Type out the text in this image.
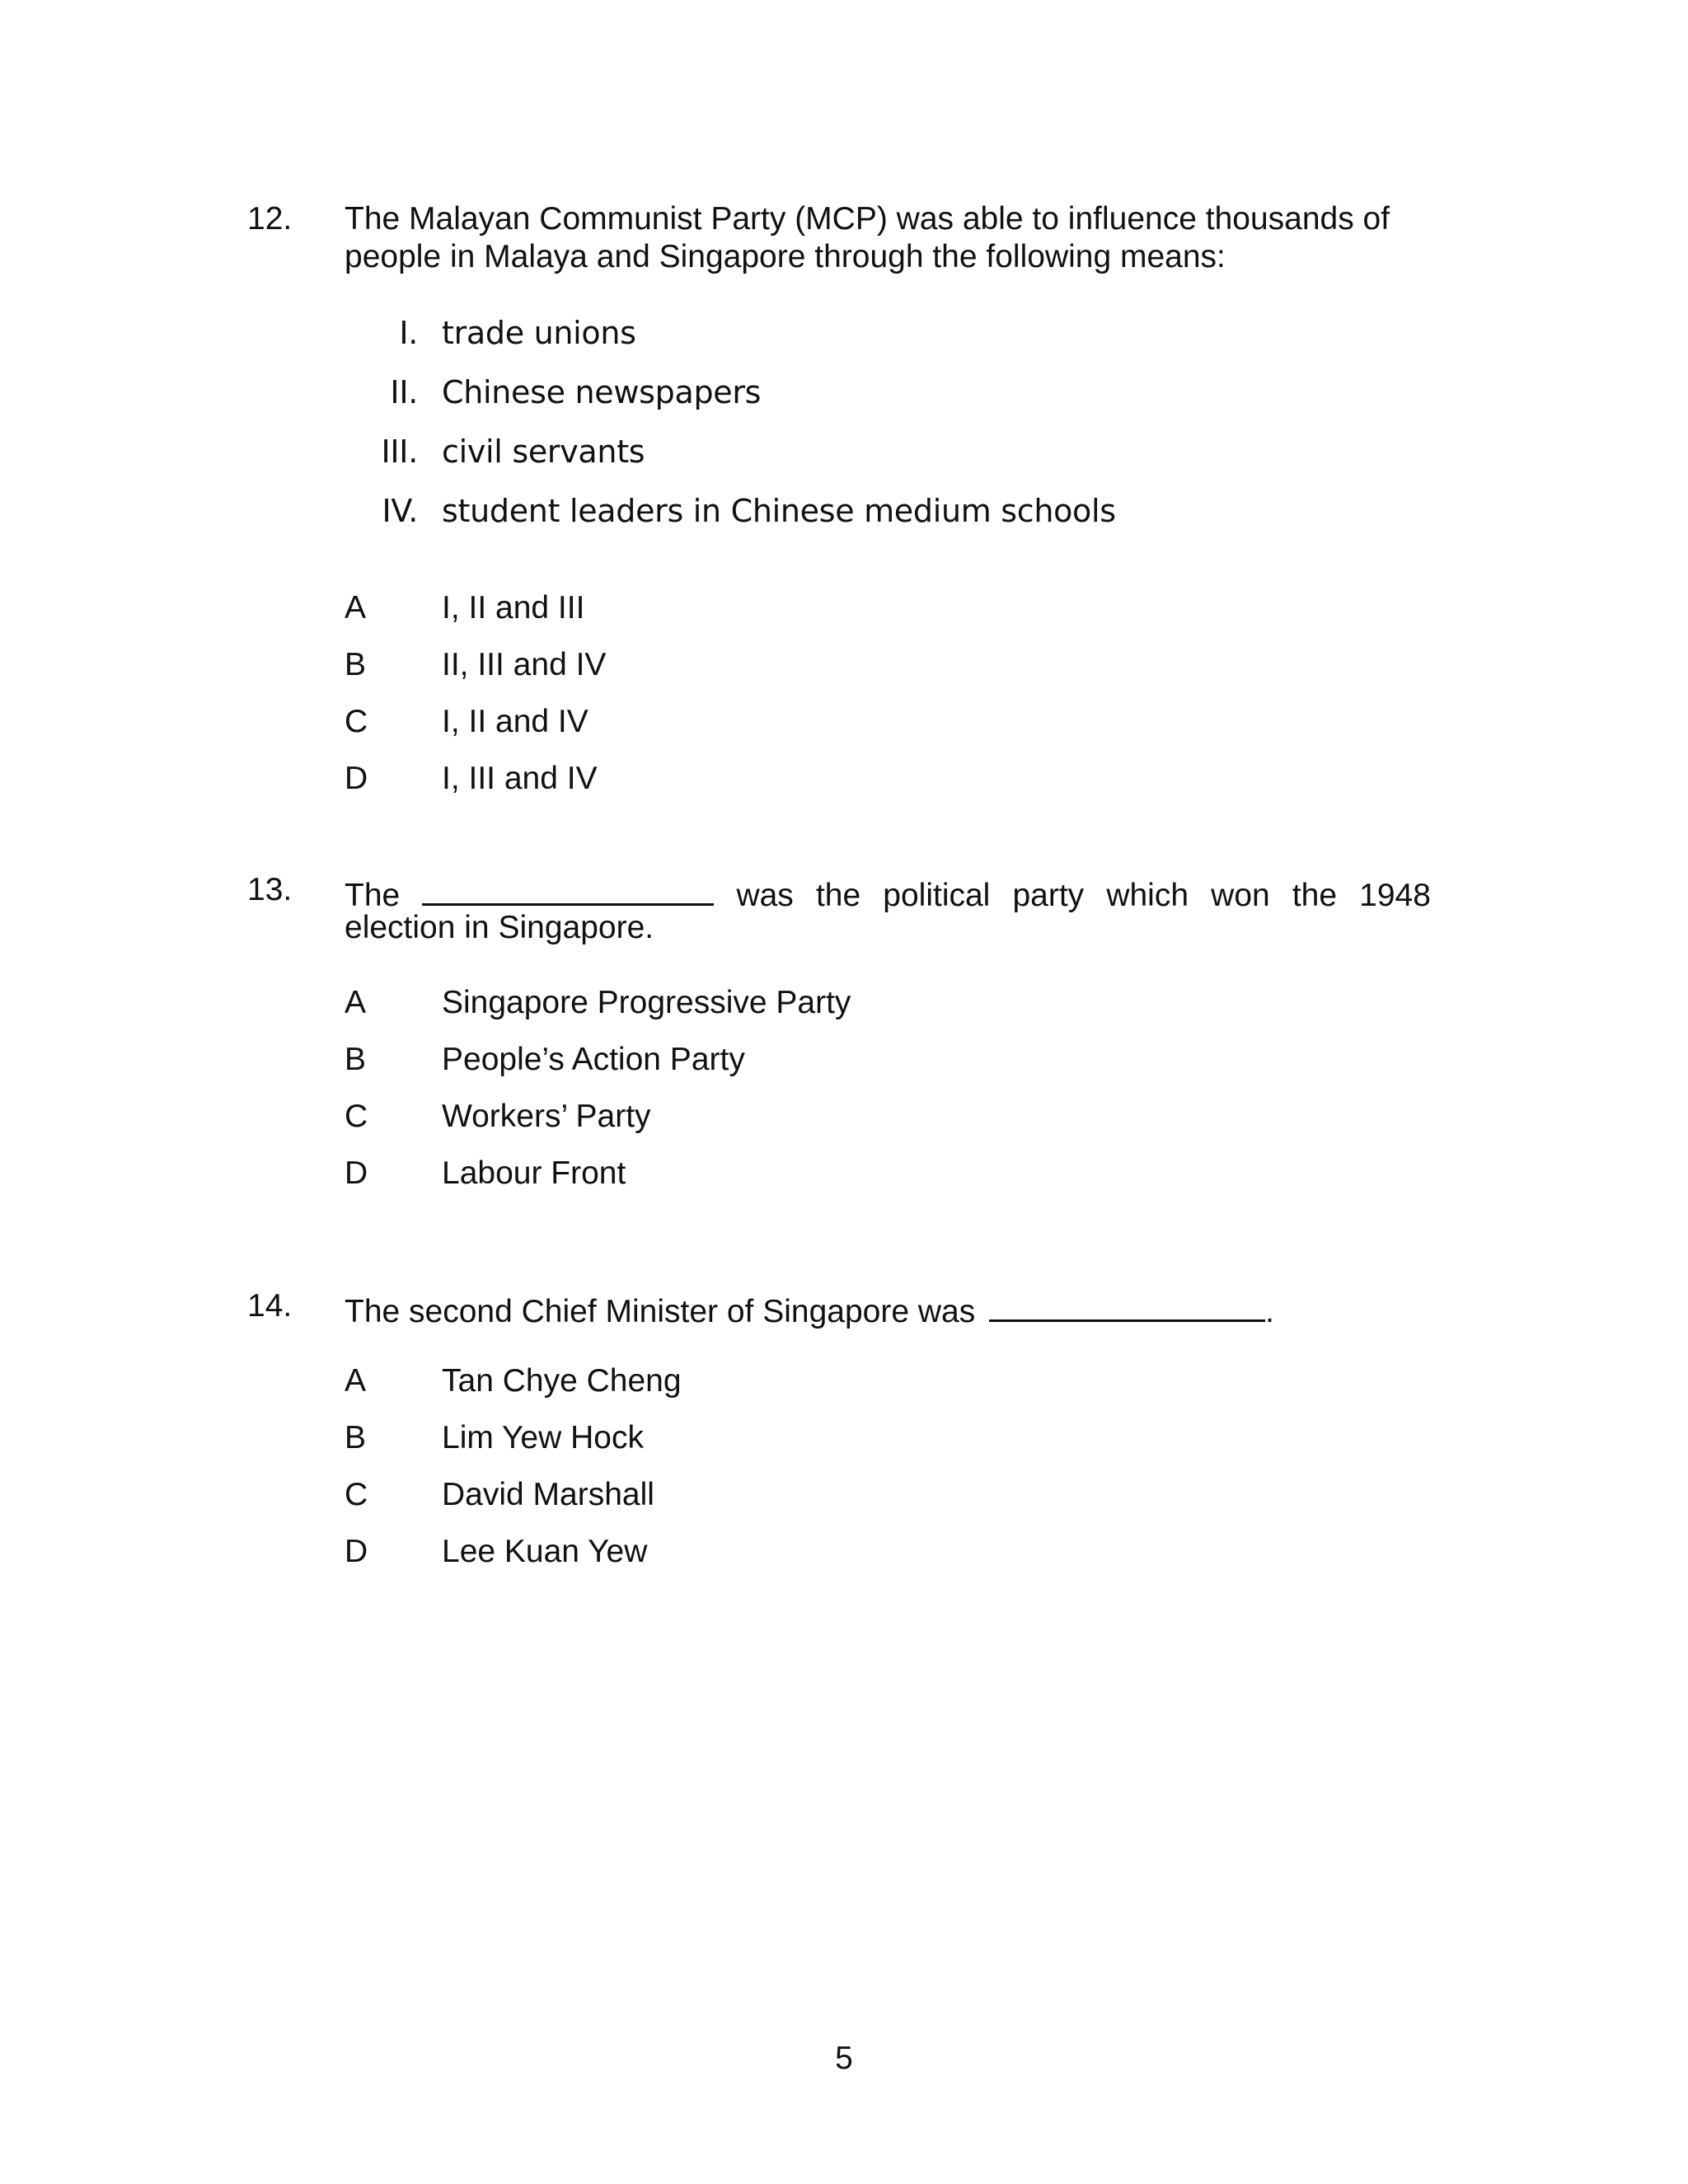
12. The Malayan Communist Party (MCP) was able to influence thousands of
people in Malaya and Singapore through the following means:
I. trade unions
II. Chinese newspapers
III. civil servants
IV. student leaders in Chinese medium schools
A I, II and III
B II, III and IV
C I, II and IV
D I, III and IV
13. The	was the political party which won the 1948
election in Singapore.
A Singapore Progressive Party
B People’s Action Party
C Workers’ Party
D Labour Front
14. The second Chief Minister of Singapore was	.
A Tan Chye Cheng
B Lim Yew Hock
C David Marshall
D Lee Kuan Yew
5
